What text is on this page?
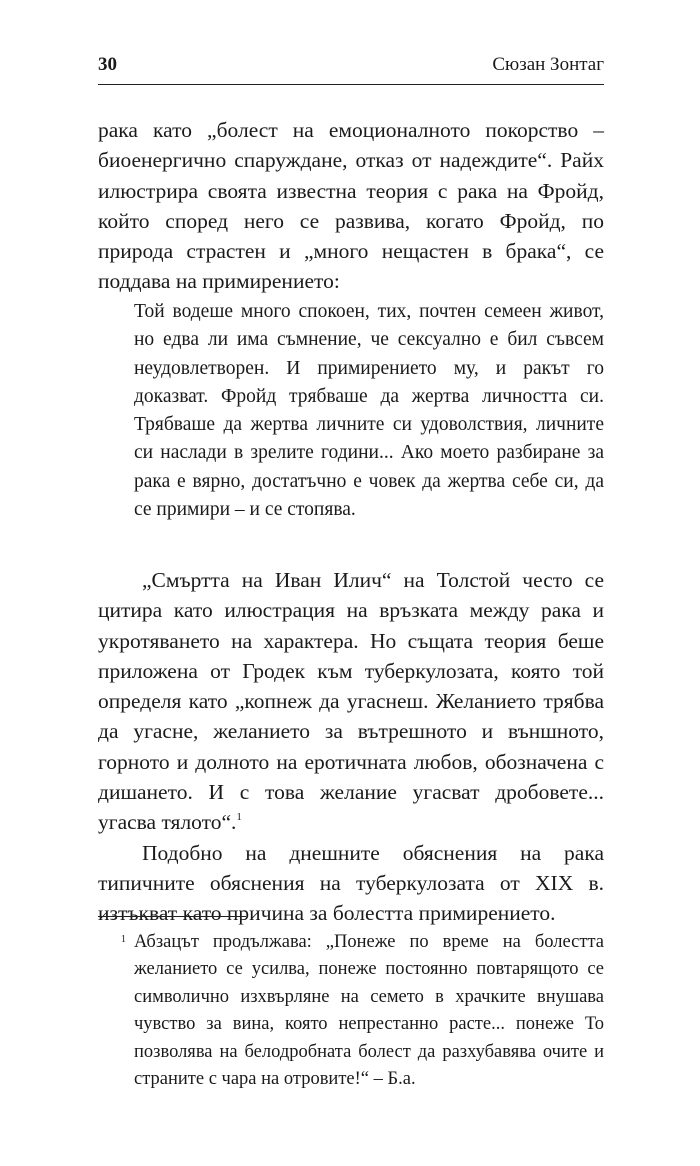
30	Сюзан Зонтаг

рака като „болест на емоционалното покорство – биоенергично спаруждане, отказ от надеждите“. Райх илюстрира своята известна теория с рака на Фройд, който според него се развива, когато Фройд, по природа страстен и „много нещастен в брака“, се поддава на примирението:

Той водеше много спокоен, тих, почтен семеен живот, но едва ли има съмнение, че сексуално е бил съвсем неудовлетворен. И примирението му, и ракът го доказват. Фройд трябваше да жертва личността си. Трябваше да жертва личните си удоволствия, личните си наслади в зрелите години... Ако моето разбиране за рака е вярно, достатъчно е човек да жертва себе си, да се примири – и се стопява.

„Смъртта на Иван Илич“ на Толстой често се цитира като илюстрация на връзката между рака и укротяването на характера. Но същата теория беше приложена от Гродек към туберкулозата, която той определя като „копнеж да угаснеш. Желанието трябва да угасне, желанието за вътрешното и външното, горното и долното на еротичната любов, обозначена с дишането. И с това желание угасват дробовете... угасва тялото“.$^1$

Подобно на днешните обяснения на рака типичните обяснения на туберкулозата от XIX в. изтъкват като причина за болестта примирението.

1 Абзацът продължава: „Понеже по време на болестта желанието се усилва, понеже постоянно повтарящото се символично изхвърляне на семето в храчките внушава чувство за вина, която непрестанно расте... понеже То позволява на белодробната болест да разхубавява очите и страните с чара на отровите!“ – Б.а.
